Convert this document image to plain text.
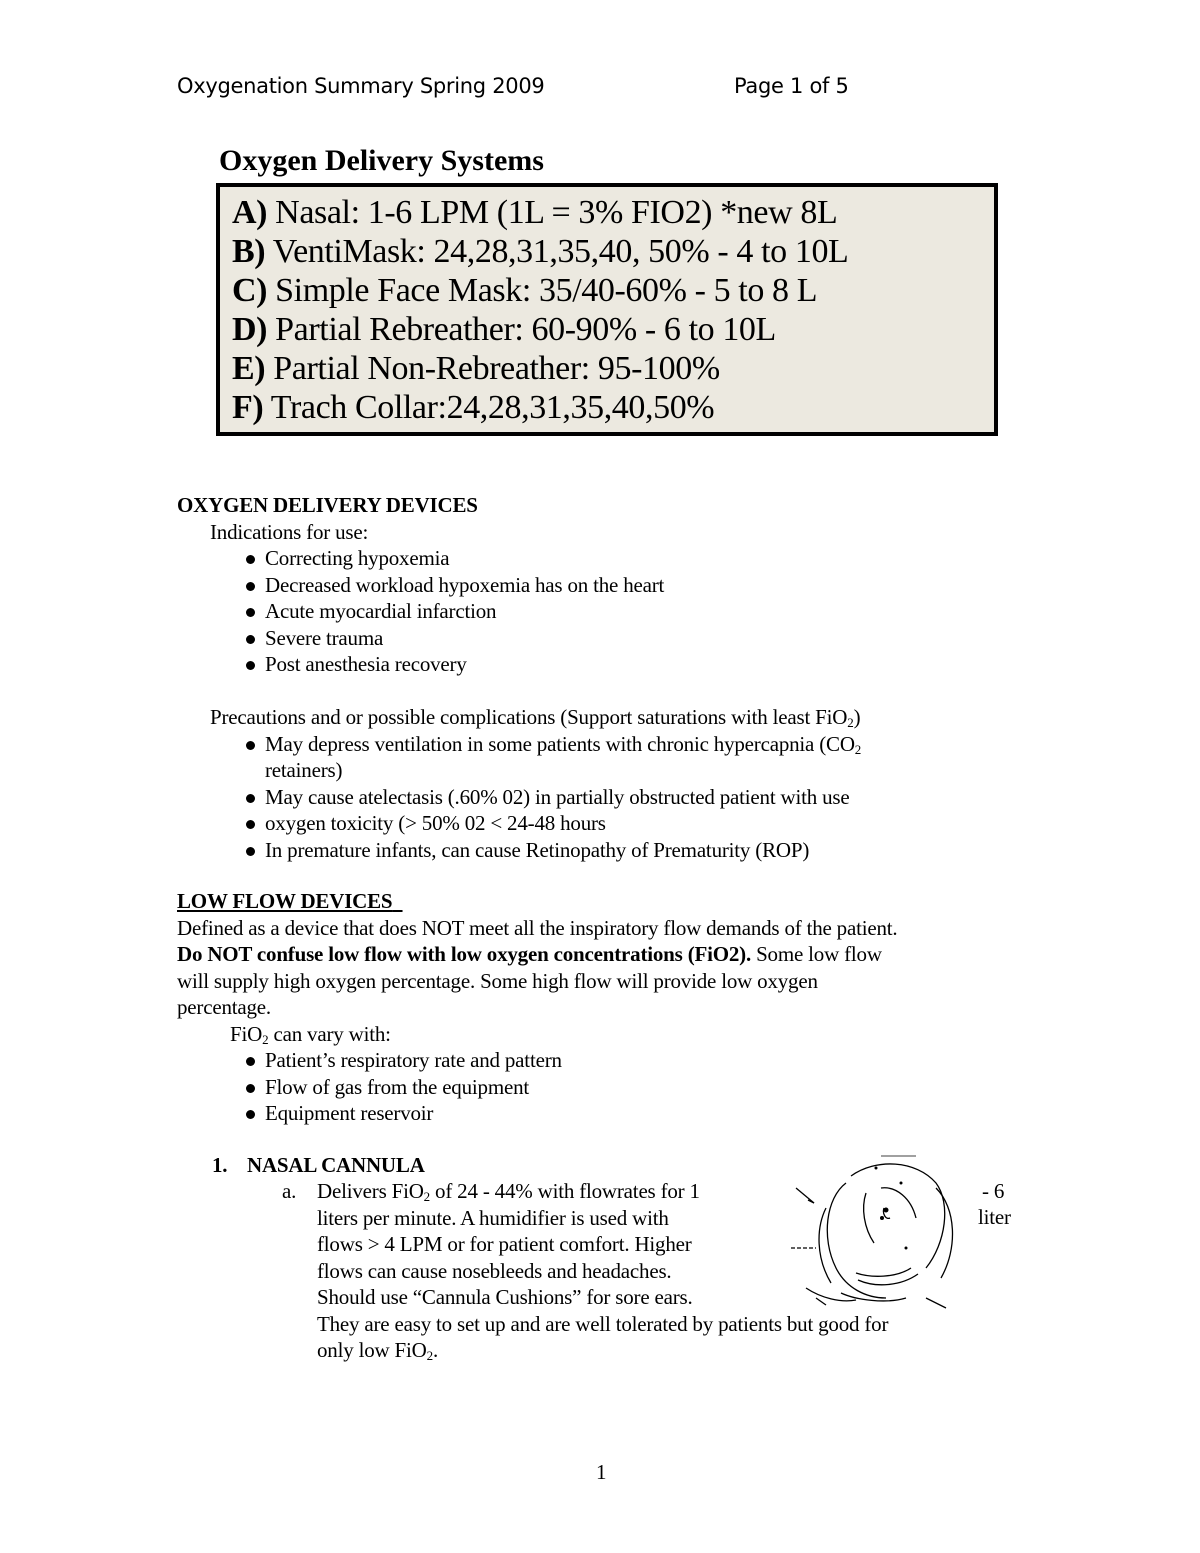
Oxygenation Summary Spring 2009	Page 1 of 5
Oxygen Delivery Systems
A) Nasal: 1-6 LPM (1L = 3% FIO2) *new 8L
B) VentiMask: 24,28,31,35,40, 50% - 4 to 10L
C) Simple Face Mask: 35/40-60% - 5 to 8 L
D) Partial Rebreather: 60-90% - 6 to 10L
E) Partial Non-Rebreather: 95-100%
F) Trach Collar:24,28,31,35,40,50%
OXYGEN DELIVERY DEVICES
Indications for use:
Correcting hypoxemia
Decreased workload hypoxemia has on the heart
Acute myocardial infarction
Severe trauma
Post anesthesia recovery
Precautions and or possible complications (Support saturations with least FiO$_2$)
May depress ventilation in some patients with chronic hypercapnia ($CO_2$
retainers)
May cause atelectasis (.60% 02) in partially obstructed patient with use
oxygen toxicity (> 50% 02 < 24-48 hours
In premature infants, can cause Retinopathy of Prematurity (ROP)
LOW FLOW DEVICES
Defined as a device that does NOT meet all the inspiratory flow demands of the patient.
Do NOT confuse low flow with low oxygen concentrations (FiO2). Some low flow
will supply high oxygen percentage. Some high flow will provide low oxygen
percentage.
FiO$_2$ can vary with:
Patient’s respiratory rate and pattern
Flow of gas from the equipment
Equipment reservoir
1. NASAL CANNULA
a. Delivers FiO$_2$ of 24 - 44% with flowrates for 1
liters per minute. A humidifier is used with
flows > 4 LPM or for patient comfort. Higher
flows can cause nosebleeds and headaches.
Should use “Cannula Cushions” for sore ears.
They are easy to set up and are well tolerated by patients but good for
only low FiO$_2$.
- 6
liter
1
